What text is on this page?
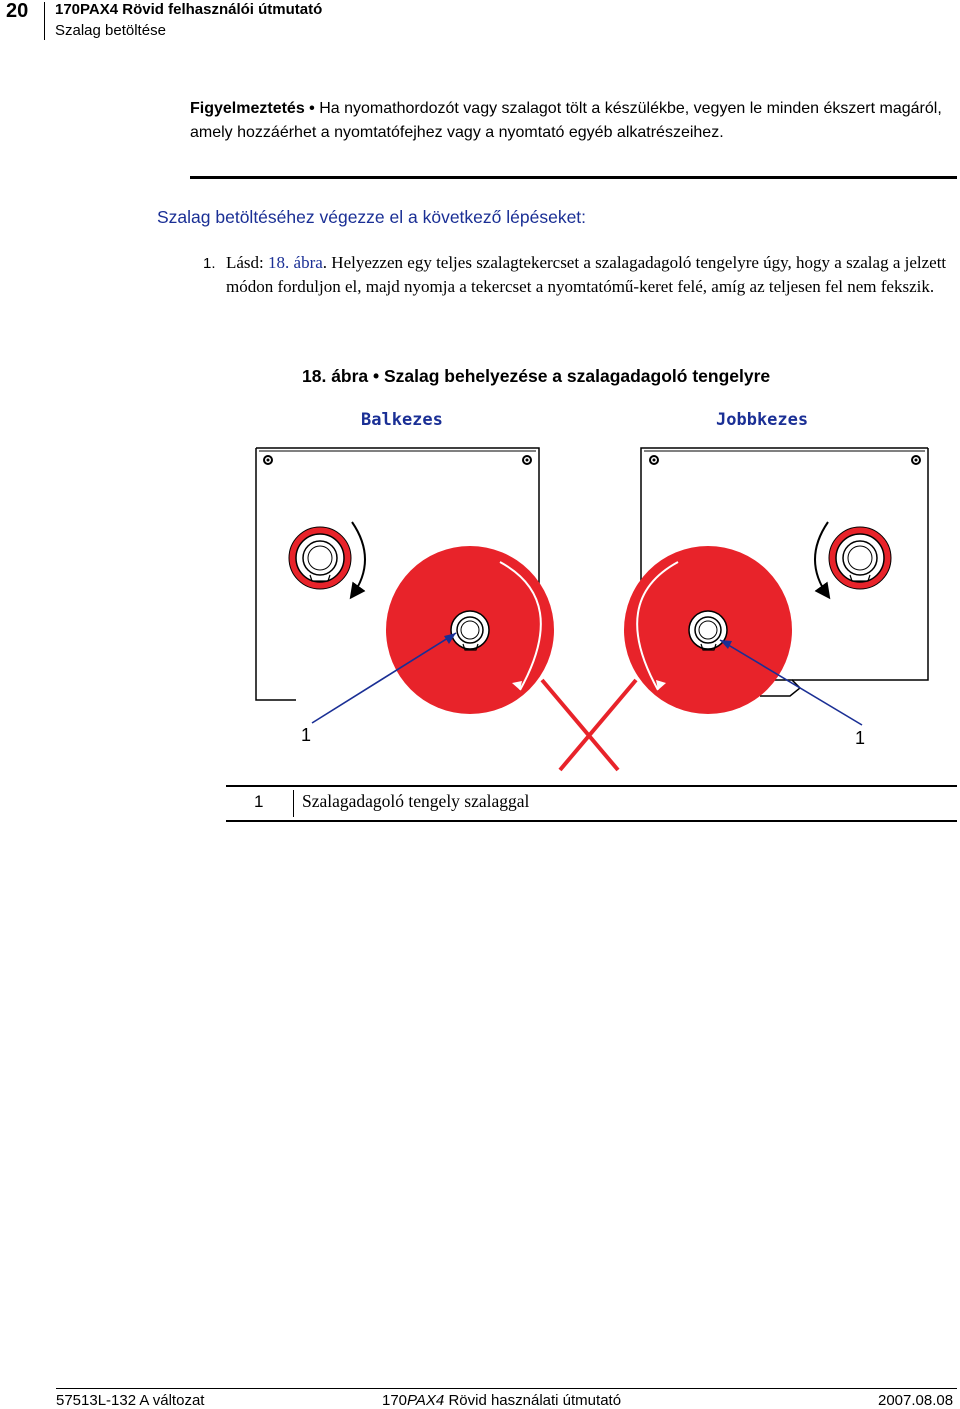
20 170PAX4 Rövid felhasználói útmutató
Szalag betöltése
Figyelmeztetés • Ha nyomathordozót vagy szalagot tölt a készülékbe, vegyen le minden ékszert magáról, amely hozzáérhet a nyomtatófejhez vagy a nyomtató egyéb alkatrészeihez.
Szalag betöltéséhez végezze el a következő lépéseket:
1. Lásd: 18. ábra. Helyezzen egy teljes szalagtekercset a szalagadagoló tengelyre úgy, hogy a szalag a jelzett módon forduljon el, majd nyomja a tekercset a nyomtatómű-keret felé, amíg az teljesen fel nem fekszik.
18. ábra • Szalag behelyezése a szalagadagoló tengelyre
Balkezes	Jobbkezes
1	1
1 Szalagadagoló tengely szalaggal
57513L-132 A változat	170PAX4 Rövid használati útmutató	2007.08.08
